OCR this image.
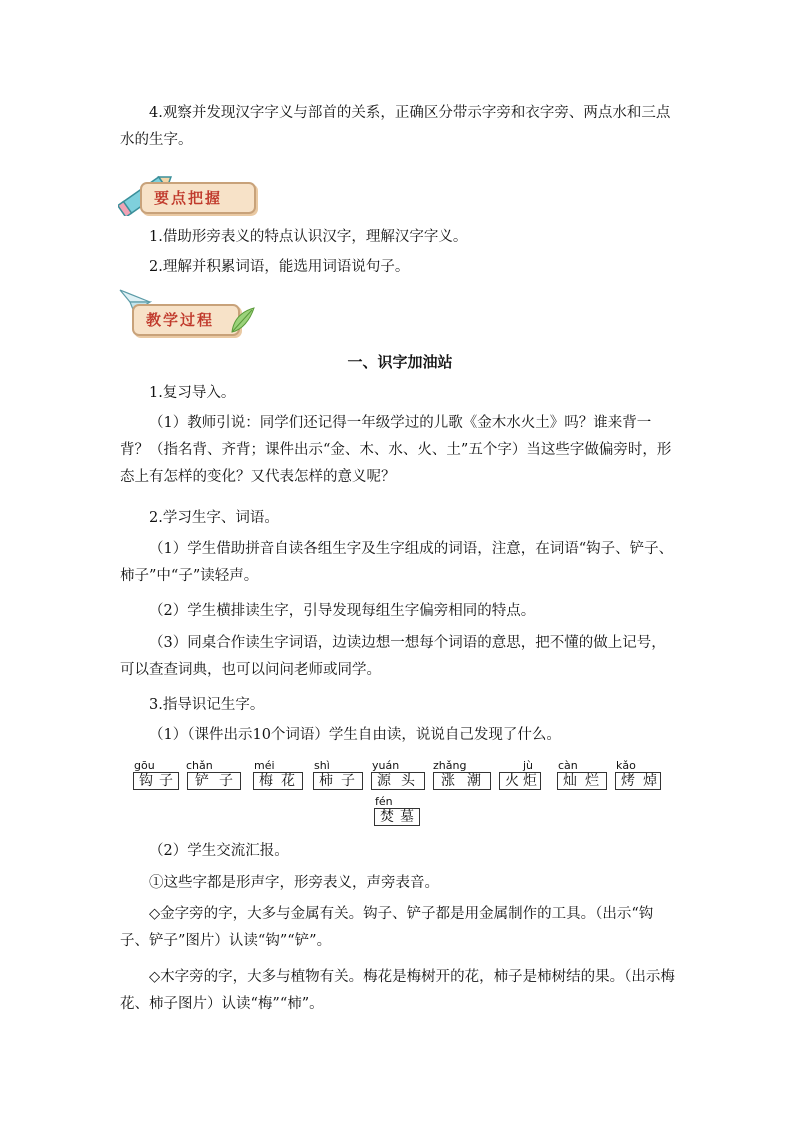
4.观察并发现汉字字义与部首的关系，正确区分带示字旁和衣字旁、两点水和三点水的生字。

要点把握

1.借助形旁表义的特点认识汉字，理解汉字字义。

2.理解并积累词语，能选用词语说句子。

教学过程
一、识字加油站

1.复习导入。

（1）教师引说：同学们还记得一年级学过的儿歌《金木水火土》吗？谁来背一背？（指名背、齐背；课件出示“金、木、水、火、土”五个字）当这些字做偏旁时，形态上有怎样的变化？又代表怎样的意义呢？

2.学习生字、词语。

（1）学生借助拼音自读各组生字及生字组成的词语，注意，在词语“钩子、铲子、柿子”中“子”读轻声。

（2）学生横排读生字，引导发现每组生字偏旁相同的特点。

（3）同桌合作读生字词语，边读边想一想每个词语的意思，把不懂的做上记号，可以查查词典，也可以问问老师或同学。

3.指导识记生字。

（1）（课件出示10个词语）学生自由读，说说自己发现了什么。

gōu
钩 子
chǎn
铲 子
méi
梅 花
shì
柿 子
yuán
源 头
zhǎng
涨 潮
jù
火 炬
càn
灿 烂
kǎo
烤 焯
fén
焚 墓

（2）学生交流汇报。

①这些字都是形声字，形旁表义，声旁表音。

◇金字旁的字，大多与金属有关。钩子、铲子都是用金属制作的工具。（出示“钩子、铲子”图片）认读“钩”“铲”。

◇木字旁的字，大多与植物有关。梅花是梅树开的花，柿子是柿树结的果。（出示梅花、柿子图片）认读“梅”“柿”。
